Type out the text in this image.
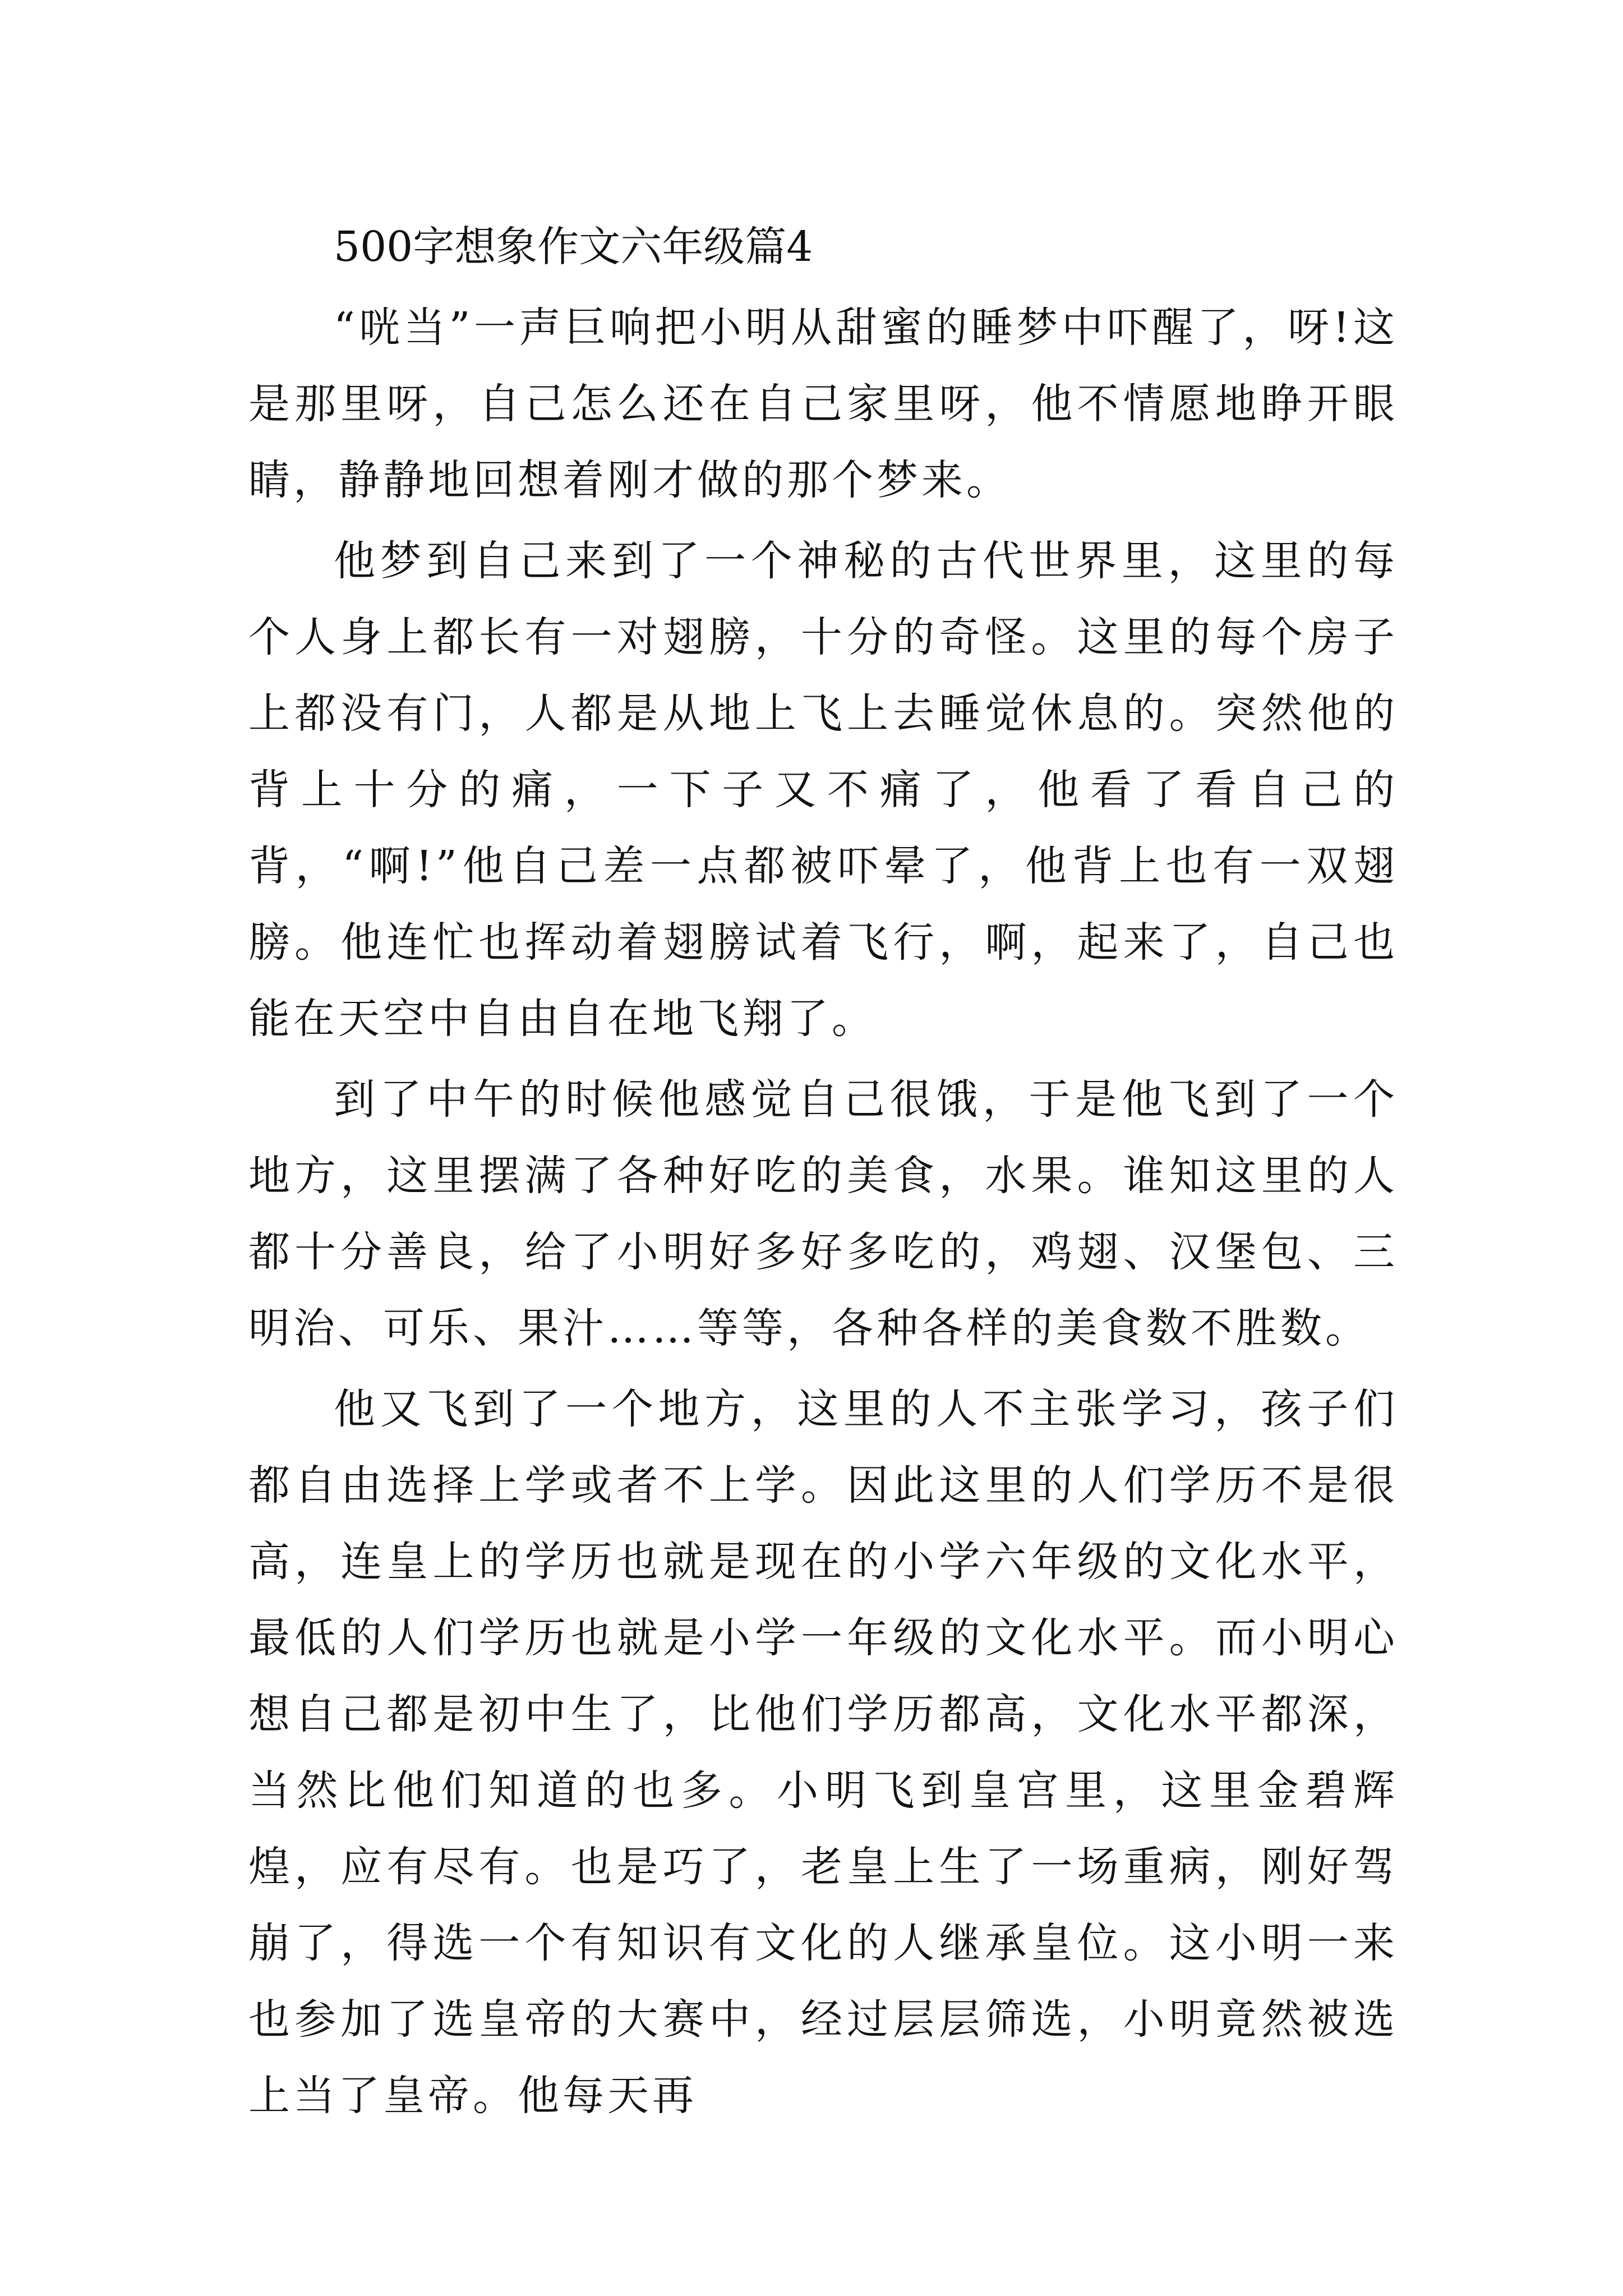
500字想象作文六年级篇4

“咣当”一声巨响把小明从甜蜜的睡梦中吓醒了，呀!这是那里呀，自己怎么还在自己家里呀，他不情愿地睁开眼睛，静静地回想着刚才做的那个梦来。

他梦到自己来到了一个神秘的古代世界里，这里的每个人身上都长有一对翅膀，十分的奇怪。这里的每个房子上都没有门，人都是从地上飞上去睡觉休息的。突然他的背上十分的痛，一下子又不痛了，他看了看自己的背，“啊!”他自己差一点都被吓晕了，他背上也有一双翅膀。他连忙也挥动着翅膀试着飞行，啊，起来了，自己也能在天空中自由自在地飞翔了。

到了中午的时候他感觉自己很饿，于是他飞到了一个地方，这里摆满了各种好吃的美食，水果。谁知这里的人都十分善良，给了小明好多好多吃的，鸡翅、汉堡包、三明治、可乐、果汁……等等，各种各样的美食数不胜数。

他又飞到了一个地方，这里的人不主张学习，孩子们都自由选择上学或者不上学。因此这里的人们学历不是很高，连皇上的学历也就是现在的小学六年级的文化水平，最低的人们学历也就是小学一年级的文化水平。而小明心想自己都是初中生了，比他们学历都高，文化水平都深，当然比他们知道的也多。小明飞到皇宫里，这里金碧辉煌，应有尽有。也是巧了，老皇上生了一场重病，刚好驾崩了，得选一个有知识有文化的人继承皇位。这小明一来也参加了选皇帝的大赛中，经过层层筛选，小明竟然被选上当了皇帝。他每天再
